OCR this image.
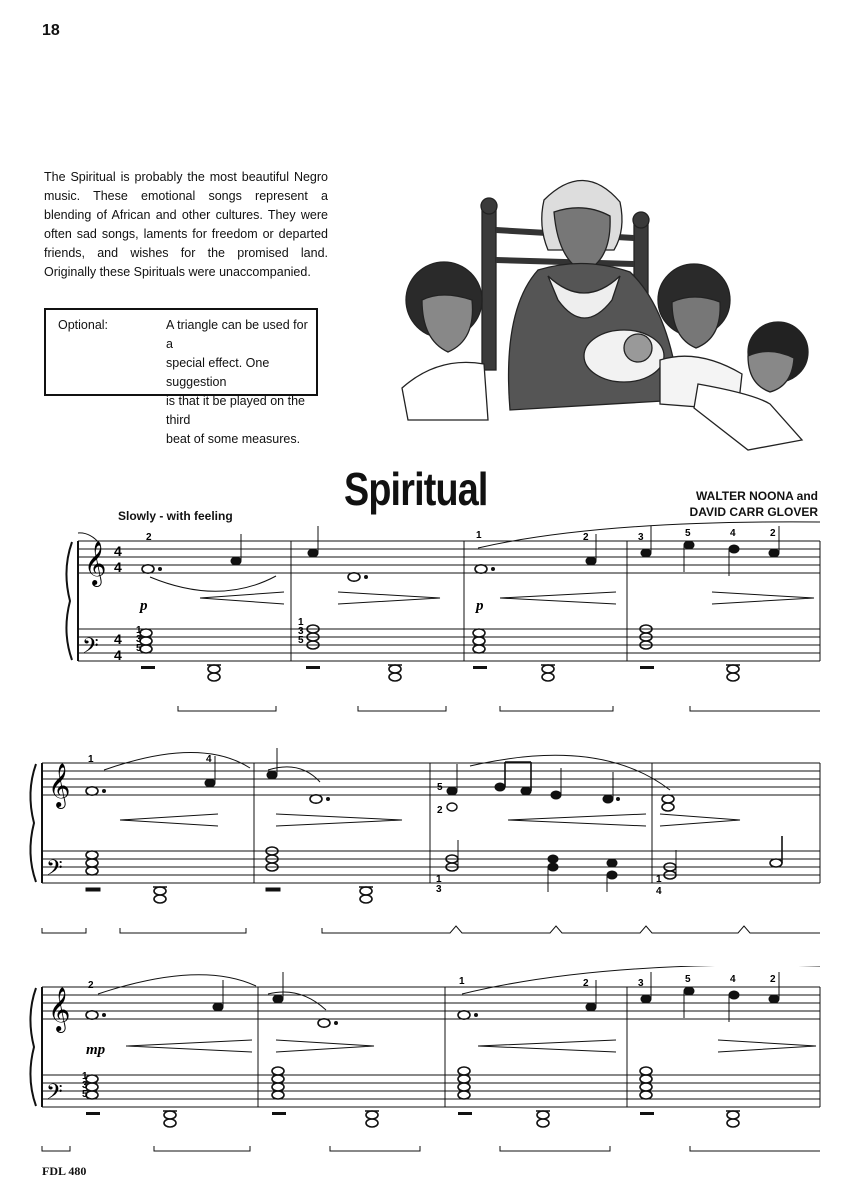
18
The Spiritual is probably the most beautiful Negro music. These emotional songs represent a blending of African and other cultures. They were often sad songs, laments for freedom or departed friends, and wishes for the promised land. Originally these Spirituals were unaccompanied.
Optional:	A triangle can be used for a
special effect. One suggestion
is that it be played on the third
beat of some measures.
Spiritual	WALTER NOONA and
DAVID CARR GLOVER
Slowly - with feeling
𝄞
𝄢
4
4
4
4
p	p
2	1	2	3	5	4	2
1
3
5
1
3
5
𝄞
𝄢
1	4
5
2
1
3
1
4
𝄞
𝄢
mp
2	1	2	3	5	4	2
1
3
5
FDL 480
